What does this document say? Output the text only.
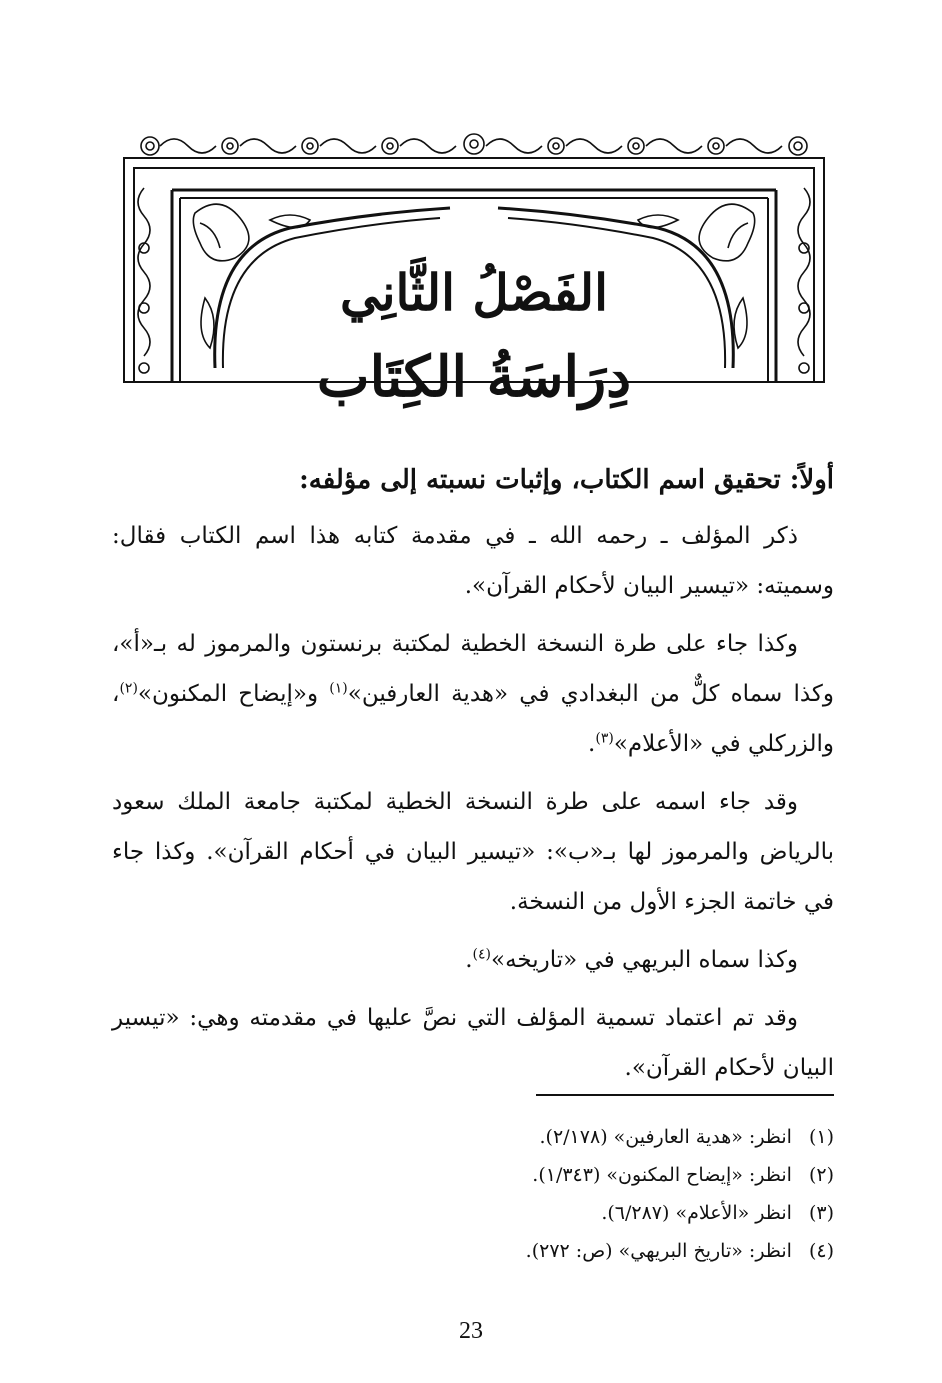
الفَصْلُ الثَّانِي
دِرَاسَةُ الكِتَاب
أولاً: تحقيق اسم الكتاب، وإثبات نسبته إلى مؤلفه:

ذكر المؤلف ـ رحمه الله ـ في مقدمة كتابه هذا اسم الكتاب فقال: وسميته: «تيسير البيان لأحكام القرآن».

وكذا جاء على طرة النسخة الخطية لمكتبة برنستون والمرموز له بـ«أ»، وكذا سماه كلٌّ من البغدادي في «هدية العارفين»$^{(١)}$ و«إيضاح المكنون»$^{(٢)}$، والزركلي في «الأعلام»$^{(٣)}$.

وقد جاء اسمه على طرة النسخة الخطية لمكتبة جامعة الملك سعود بالرياض والمرموز لها بـ«ب»: «تيسير البيان في أحكام القرآن». وكذا جاء في خاتمة الجزء الأول من النسخة.

وكذا سماه البريهي في «تاريخه»$^{(٤)}$.

وقد تم اعتماد تسمية المؤلف التي نصَّ عليها في مقدمته وهي: «تيسير البيان لأحكام القرآن».

(١) انظر: «هدية العارفين» (٢/١٧٨).
(٢) انظر: «إيضاح المكنون» (١/٣٤٣).
(٣) انظر «الأعلام» (٦/٢٨٧).
(٤) انظر: «تاريخ البريهي» (ص: ٢٧٢).
23
